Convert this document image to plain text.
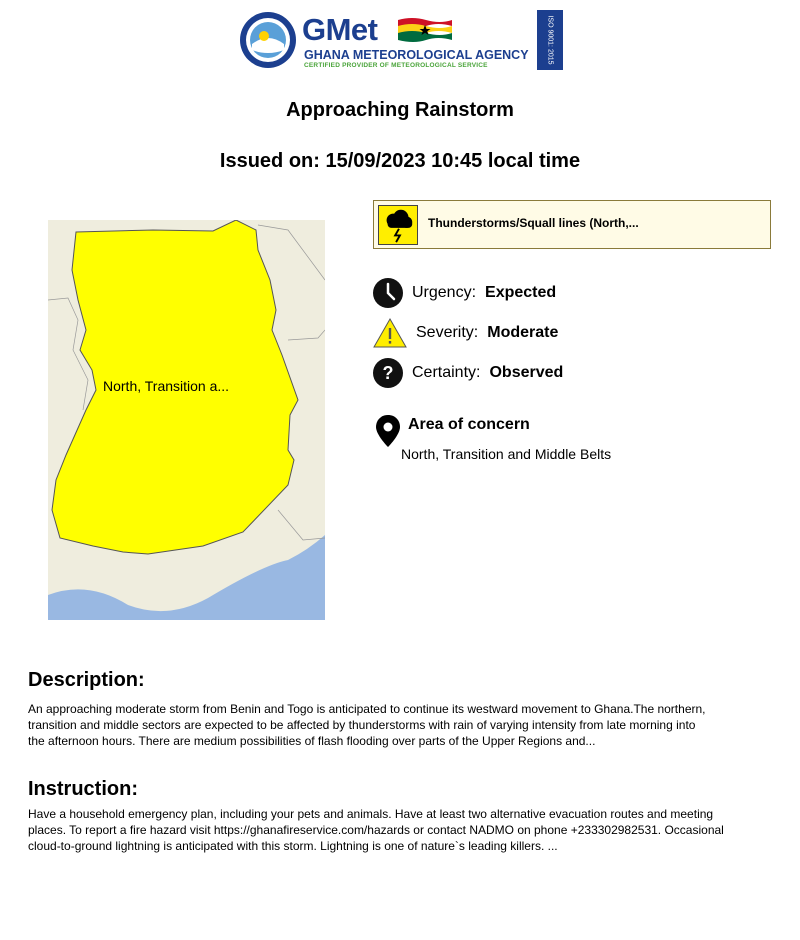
GMet
GHANA METEOROLOGICAL AGENCY
CERTIFIED PROVIDER OF METEOROLOGICAL SERVICE
ISO 9001: 2015
Approaching Rainstorm
Issued on: 15/09/2023 10:45 local time
North, Transition a...
Thunderstorms/Squall lines (North,...
Urgency: Expected
Severity: Moderate
? Certainty: Observed
Area of concern
North, Transition and Middle Belts
Description:
An approaching moderate storm from Benin and Togo is anticipated to continue its westward movement to Ghana.The northern,
transition and middle sectors are expected to be affected by thunderstorms with rain of varying intensity from late morning into
the afternoon hours. There are medium possibilities of flash flooding over parts of the Upper Regions and...
Instruction:
Have a household emergency plan, including your pets and animals. Have at least two alternative evacuation routes and meeting
places. To report a fire hazard visit https://ghanafireservice.com/hazards or contact NADMO on phone +233302982531. Occasional
cloud-to-ground lightning is anticipated with this storm. Lightning is one of nature`s leading killers. ...
